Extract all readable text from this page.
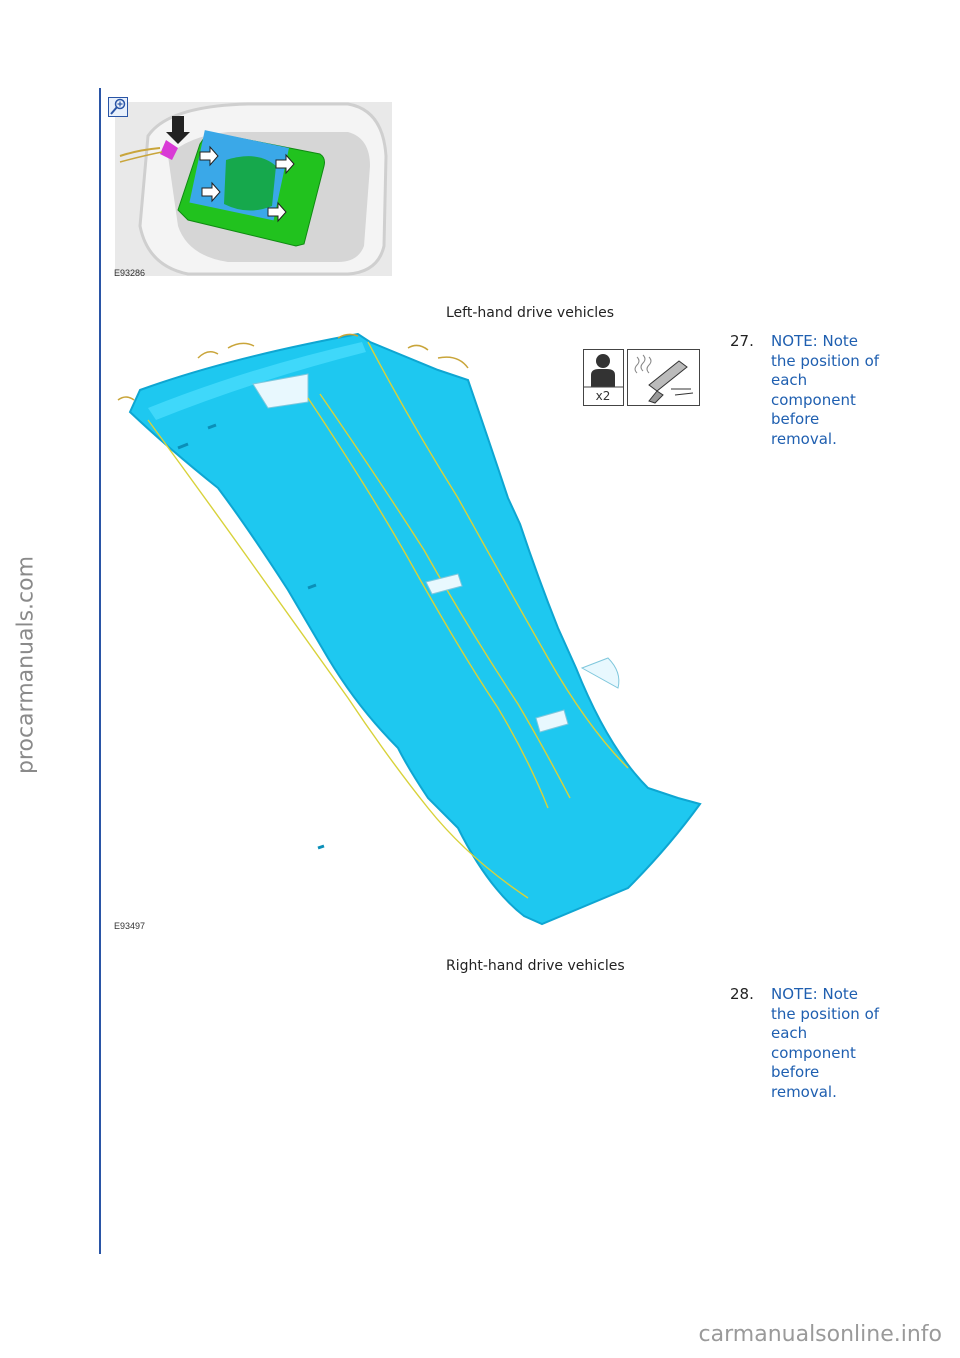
procarmanuals.com
E93286
Left-hand drive vehicles
27. NOTE: Note the position of each component before removal.
x2
E93497
Right-hand drive vehicles
28. NOTE: Note the position of each component before removal.
carmanualsonline.info
